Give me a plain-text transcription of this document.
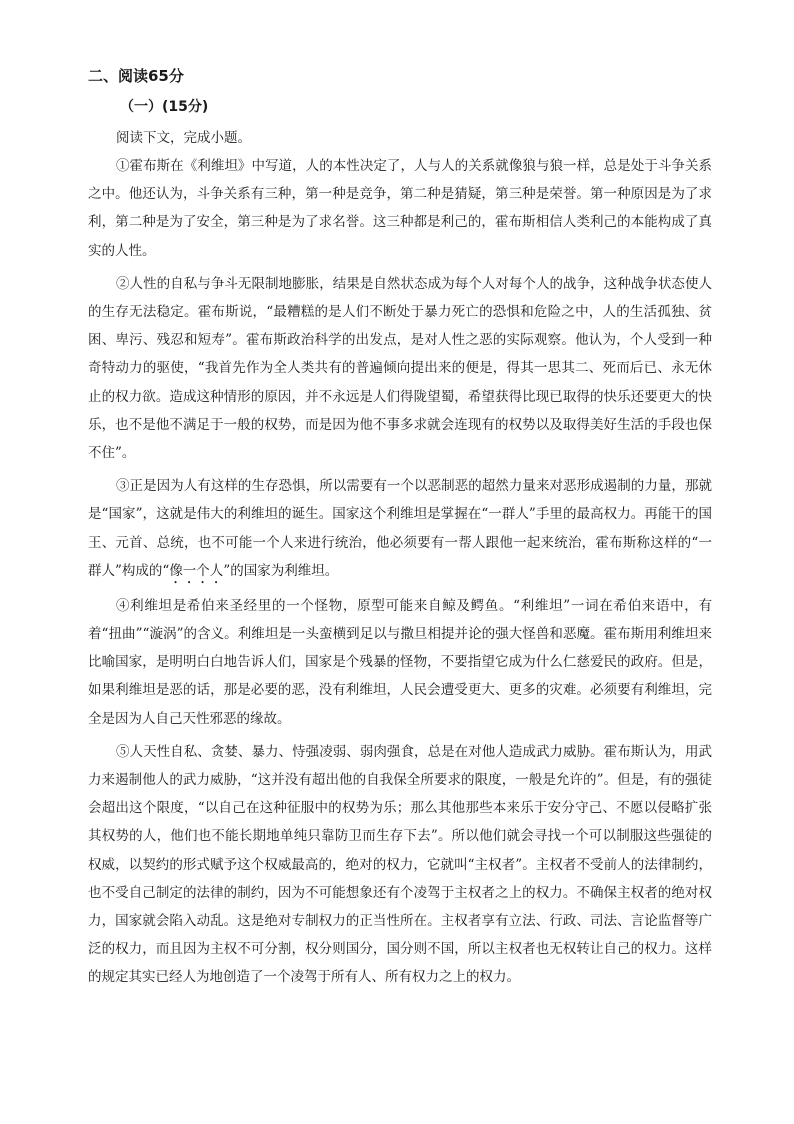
二、阅读65分
（一）(15分)

阅读下文，完成小题。

①霍布斯在《利维坦》中写道，人的本性决定了，人与人的关系就像狼与狼一样，总是处于斗争关系之中。他还认为，斗争关系有三种，第一种是竞争，第二种是猜疑，第三种是荣誉。第一种原因是为了求利，第二种是为了安全，第三种是为了求名誉。这三种都是利己的，霍布斯相信人类利己的本能构成了真实的人性。

②人性的自私与争斗无限制地膨胀，结果是自然状态成为每个人对每个人的战争，这种战争状态使人的生存无法稳定。霍布斯说，“最糟糕的是人们不断处于暴力死亡的恐惧和危险之中，人的生活孤独、贫困、卑污、残忍和短寿”。霍布斯政治科学的出发点，是对人性之恶的实际观察。他认为，个人受到一种奇特动力的驱使，“我首先作为全人类共有的普遍倾向提出来的便是，得其一思其二、死而后已、永无休止的权力欲。造成这种情形的原因，并不永远是人们得陇望蜀，希望获得比现已取得的快乐还要更大的快乐，也不是他不满足于一般的权势，而是因为他不事多求就会连现有的权势以及取得美好生活的手段也保不住”。

③正是因为人有这样的生存恐惧，所以需要有一个以恶制恶的超然力量来对恶形成遏制的力量，那就是“国家”，这就是伟大的利维坦的诞生。国家这个利维坦是掌握在“一群人”手里的最高权力。再能干的国王、元首、总统，也不可能一个人来进行统治，他必须要有一帮人跟他一起来统治，霍布斯称这样的“一群人”构成的“像一个人”的国家为利维坦。

④利维坦是希伯来圣经里的一个怪物，原型可能来自鲸及鳄鱼。“利维坦”一词在希伯来语中，有着“扭曲”“漩涡”的含义。利维坦是一头蛮横到足以与撒旦相提并论的强大怪兽和恶魔。霍布斯用利维坦来比喻国家，是明明白白地告诉人们，国家是个残暴的怪物，不要指望它成为什么仁慈爱民的政府。但是，如果利维坦是恶的话，那是必要的恶，没有利维坦，人民会遭受更大、更多的灾难。必须要有利维坦，完全是因为人自己天性邪恶的缘故。

⑤人天性自私、贪婪、暴力、恃强凌弱、弱肉强食，总是在对他人造成武力威胁。霍布斯认为，用武力来遏制他人的武力威胁，“这并没有超出他的自我保全所要求的限度，一般是允许的”。但是，有的强徒会超出这个限度，“以自己在这种征服中的权势为乐；那么其他那些本来乐于安分守己、不愿以侵略扩张其权势的人，他们也不能长期地单纯只靠防卫而生存下去”。所以他们就会寻找一个可以制服这些强徒的权威，以契约的形式赋予这个权威最高的，绝对的权力，它就叫“主权者”。主权者不受前人的法律制约，也不受自己制定的法律的制约，因为不可能想象还有个凌驾于主权者之上的权力。不确保主权者的绝对权力，国家就会陷入动乱。这是绝对专制权力的正当性所在。主权者享有立法、行政、司法、言论监督等广泛的权力，而且因为主权不可分割，权分则国分，国分则不国，所以主权者也无权转让自己的权力。这样的规定其实已经人为地创造了一个凌驾于所有人、所有权力之上的权力。
